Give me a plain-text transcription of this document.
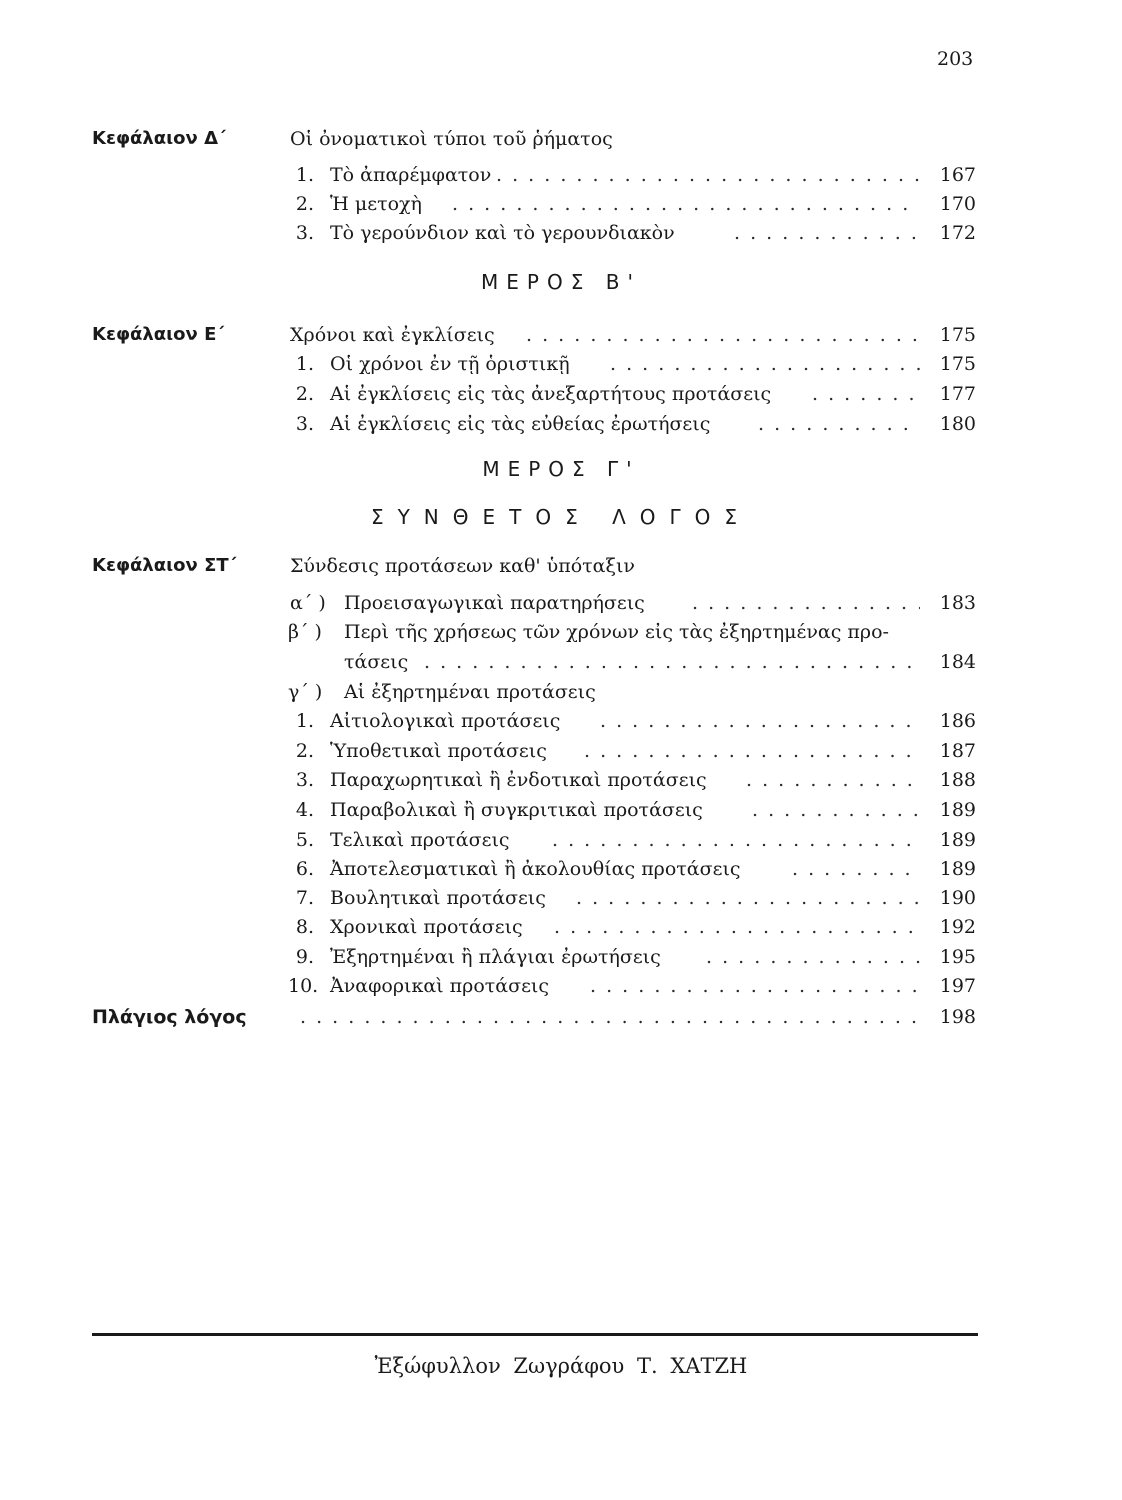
203
Κεφάλαιον Δ΄	Οἱ ὀνοματικοὶ τύποι τοῦ ῥήματος
1. Τὸ ἀπαρέμφατον . . .	167
2. Ἡ μετοχὴ . . .	170
3. Τὸ γερούνδιον καὶ τὸ γερουνδιακὸν . . .	172
ΜΕΡΟΣ Β'
Κεφάλαιον Ε΄	Χρόνοι καὶ ἐγκλίσεις . . .	175
1. Οἱ χρόνοι ἐν τῇ ὁριστικῇ . . .	175
2. Αἱ ἐγκλίσεις εἰς τὰς ἀνεξαρτήτους προτάσεις . . .	177
3. Αἱ ἐγκλίσεις εἰς τὰς εὐθείας ἐρωτήσεις . . .	180
ΜΕΡΟΣ Γ'
ΣΥΝΘΕΤΟΣ ΛΟΓΟΣ
Κεφάλαιον ΣΤ΄	Σύνδεσις προτάσεων καθ' ὑπόταξιν
α΄ ) Προεισαγωγικαὶ παρατηρήσεις . . .	183
β΄ ) Περὶ τῆς χρήσεως τῶν χρόνων εἰς τὰς ἐξηρτημένας προ-
τάσεις . . .	184
γ΄ ) Αἱ ἐξηρτημέναι προτάσεις
1. Αἰτιολογικαὶ προτάσεις . . .	186
2. Ὑποθετικαὶ προτάσεις . . .	187
3. Παραχωρητικαὶ ἢ ἐνδοτικαὶ προτάσεις . . .	188
4. Παραβολικαὶ ἢ συγκριτικαὶ προτάσεις . . .	189
5. Τελικαὶ προτάσεις . . .	189
6. Ἀποτελεσματικαὶ ἢ ἀκολουθίας προτάσεις . . .	189
7. Βουλητικαὶ προτάσεις . . .	190
8. Χρονικαὶ προτάσεις . . .	192
9. Ἐξηρτημέναι ἢ πλάγιαι ἐρωτήσεις . . .	195
10. Ἀναφορικαὶ προτάσεις . . .	197
Πλάγιος λόγος . . .	198
Ἐξώφυλλον Ζωγράφου Τ. ΧΑΤΖΗ
